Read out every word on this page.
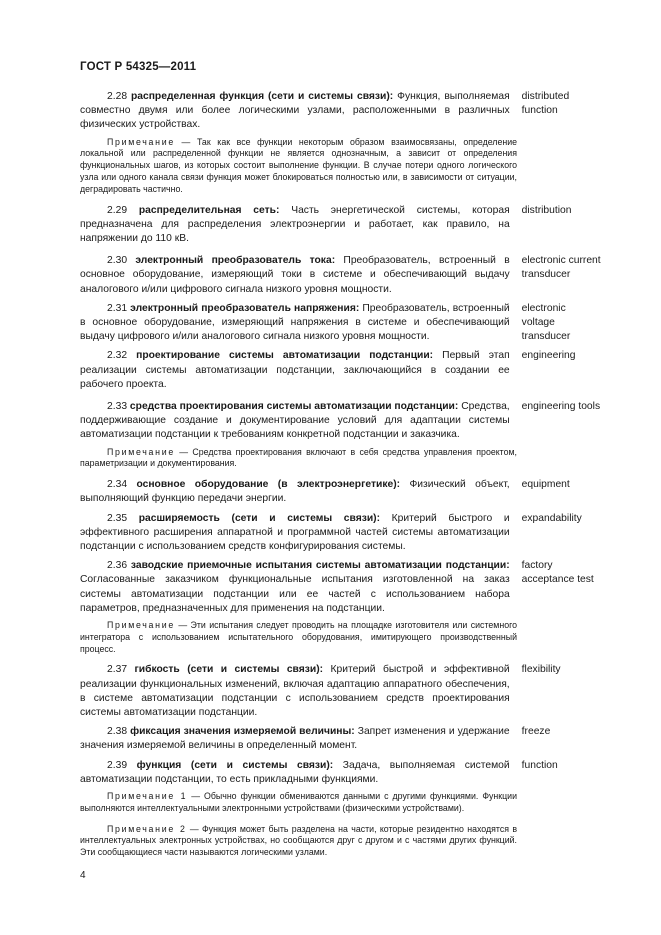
ГОСТ Р 54325—2011
2.28 распределенная функция (сети и системы связи): Функция, выполняемая совместно двумя или более логическими узлами, расположенными в различных физических устройствах.
distributed
function
Примечание — Так как все функции некоторым образом взаимосвязаны, определение локальной или распределенной функции не является однозначным, а зависит от определения функциональных шагов, из которых состоит выполнение функции. В случае потери одного логического узла или одного канала связи функция может блокироваться полностью или, в зависимости от ситуации, деградировать частично.
2.29 распределительная сеть: Часть энергетической системы, которая предназначена для распределения электроэнергии и работает, как правило, на напряжении до 110 кВ.
distribution
2.30 электронный преобразователь тока: Преобразователь, встроенный в основное оборудование, измеряющий токи в системе и обеспечивающий выдачу аналогового и/или цифрового сигнала низкого уровня мощности.
electronic current
transducer
2.31 электронный преобразователь напряжения: Преобразователь, встроенный в основное оборудование, измеряющий напряжения в системе и обеспечивающий выдачу цифрового и/или аналогового сигнала низкого уровня мощности.
electronic
voltage
transducer
2.32 проектирование системы автоматизации подстанции: Первый этап реализации системы автоматизации подстанции, заключающийся в создании ее рабочего проекта.
engineering
2.33 средства проектирования системы автоматизации подстанции: Средства, поддерживающие создание и документирование условий для адаптации системы автоматизации подстанции к требованиям конкретной подстанции и заказчика.
engineering tools
Примечание — Средства проектирования включают в себя средства управления проектом, параметризации и документирования.
2.34 основное оборудование (в электроэнергетике): Физический объект, выполняющий функцию передачи энергии.
equipment
2.35 расширяемость (сети и системы связи): Критерий быстрого и эффективного расширения аппаратной и программной частей системы автоматизации подстанции с использованием средств конфигурирования системы.
expandability
2.36 заводские приемочные испытания системы автоматизации подстанции: Согласованные заказчиком функциональные испытания изготовленной на заказ системы автоматизации подстанции или ее частей с использованием набора параметров, предназначенных для применения на подстанции.
factory
acceptance test
Примечание — Эти испытания следует проводить на площадке изготовителя или системного интегратора с использованием испытательного оборудования, имитирующего производственный процесс.
2.37 гибкость (сети и системы связи): Критерий быстрой и эффективной реализации функциональных изменений, включая адаптацию аппаратного обеспечения, в системе автоматизации подстанции с использованием средств проектирования системы автоматизации подстанции.
flexibility
2.38 фиксация значения измеряемой величины: Запрет изменения и удержание значения измеряемой величины в определенный момент.
freeze
2.39 функция (сети и системы связи): Задача, выполняемая системой автоматизации подстанции, то есть прикладными функциями.
function
Примечание 1 — Обычно функции обмениваются данными с другими функциями. Функции выполняются интеллектуальными электронными устройствами (физическими устройствами).
Примечание 2 — Функция может быть разделена на части, которые резидентно находятся в интеллектуальных электронных устройствах, но сообщаются друг с другом и с частями других функций. Эти сообщающиеся части называются логическими узлами.
4
